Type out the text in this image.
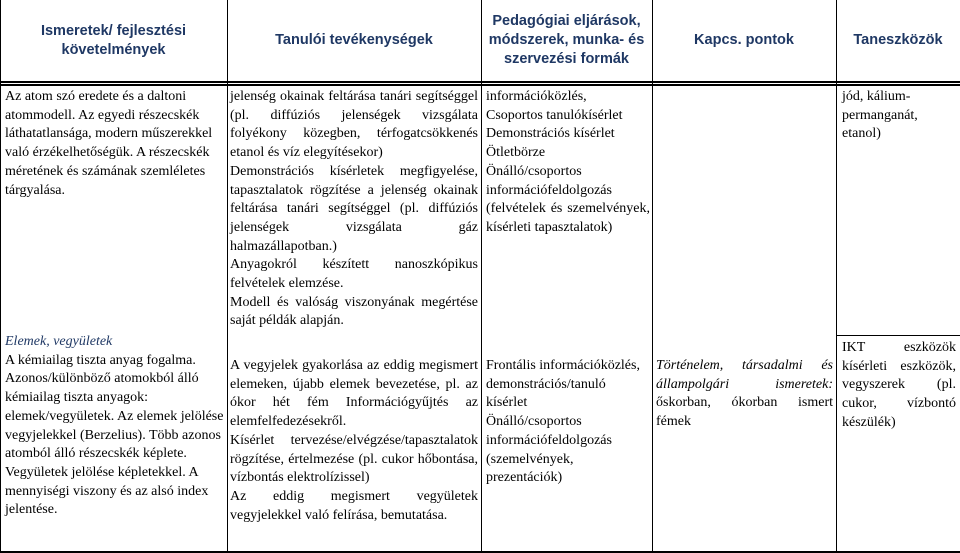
Ismeretek/ fejlesztési követelmények
Tanulói tevékenységek
Pedagógiai eljárások, módszerek, munka- és szervezési formák
Kapcs. pontok	Taneszközök

Az atom szó eredete és a daltoni atommodell. Az egyedi részecskék láthatatlansága, modern műszerekkel való érzékelhetőségük. A részecskék méretének és számának szemléletes tárgyalása.

jelenség okainak feltárása tanári segítséggel (pl. diffúziós jelenségek vizsgálata folyékony közegben, térfogatcsökkenés etanol és víz elegyítésekor)

Demonstrációs kísérletek megfigyelése, tapasztalatok rögzítése a jelenség okainak feltárása tanári segítséggel (pl. diffúziós jelenségek vizsgálata gáz halmazállapotban.)

Anyagokról készített nanoszkópikus felvételek elemzése.

Modell és valóság viszonyának megértése saját példák alapján.

információközlés,

Csoportos tanulókísérlet

Demonstrációs kísérlet

Ötletbörze

Önálló/csoportos információfeldolgozás (felvételek és szemelvények, kísérleti tapasztalatok)

jód, kálium-permanganát, etanol)

Elemek, vegyületek

A kémiailag tiszta anyag fogalma.

Azonos/különböző atomokból álló kémiailag tiszta anyagok: elemek/vegyületek. Az elemek jelölése vegyjelekkel (Berzelius). Több azonos atomból álló részecskék képlete. Vegyületek jelölése képletekkel. A mennyiségi viszony és az alsó index jelentése.

A vegyjelek gyakorlása az eddig megismert elemeken, újabb elemek bevezetése, pl. az ókor hét fém Információgyűjtés az elemfelfedezésekről.

Kísérlet tervezése/elvégzése/tapasztalatok rögzítése, értelmezése (pl. cukor hőbontása, vízbontás elektrolízissel)

Az eddig megismert vegyületek vegyjelekkel való felírása, bemutatása.

Frontális információközlés, demonstrációs/tanuló kísérlet

Önálló/csoportos információfeldolgozás (szemelvények, prezentációk)

Történelem, társadalmi és állampolgári ismeretek:

őskorban, ókorban ismert fémek

IKT eszközök kísérleti eszközök, vegyszerek (pl. cukor, vízbontó készülék)
